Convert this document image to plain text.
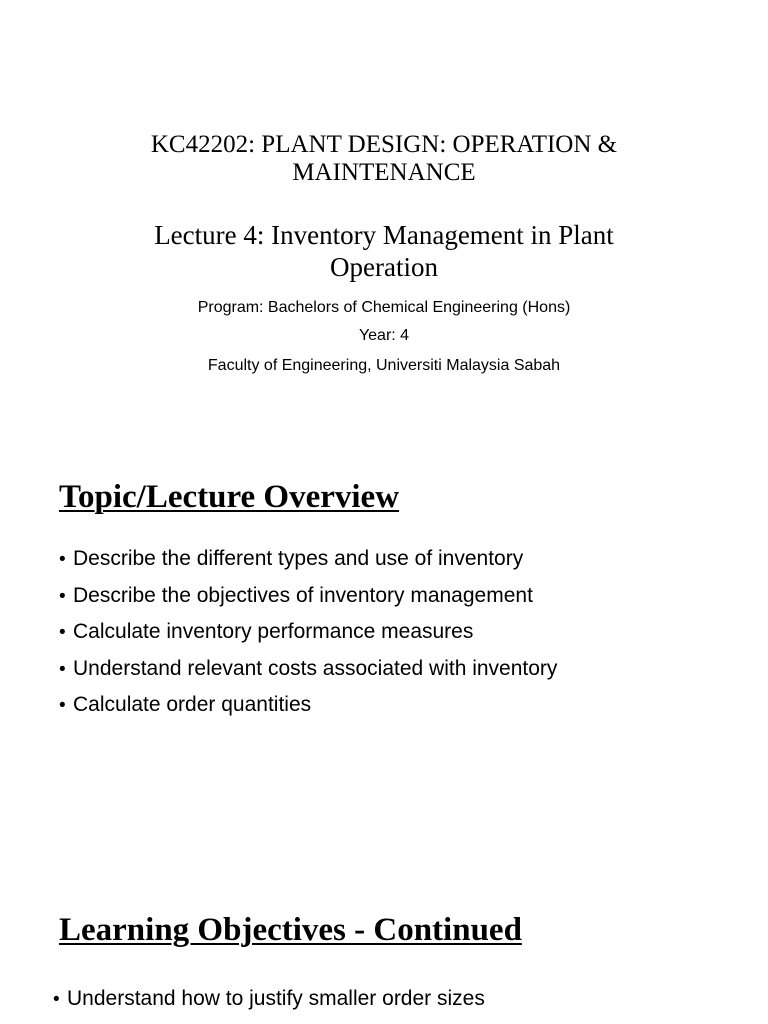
KC42202: PLANT DESIGN: OPERATION & MAINTENANCE
Lecture 4: Inventory Management in Plant Operation
Program: Bachelors of Chemical Engineering (Hons)
Year: 4
Faculty of Engineering, Universiti Malaysia Sabah
Topic/Lecture Overview
• Describe the different types and use of inventory
• Describe the objectives of inventory management
• Calculate inventory performance measures
• Understand relevant costs associated with inventory
• Calculate order quantities
Learning Objectives - Continued
• Understand how to justify smaller order sizes
